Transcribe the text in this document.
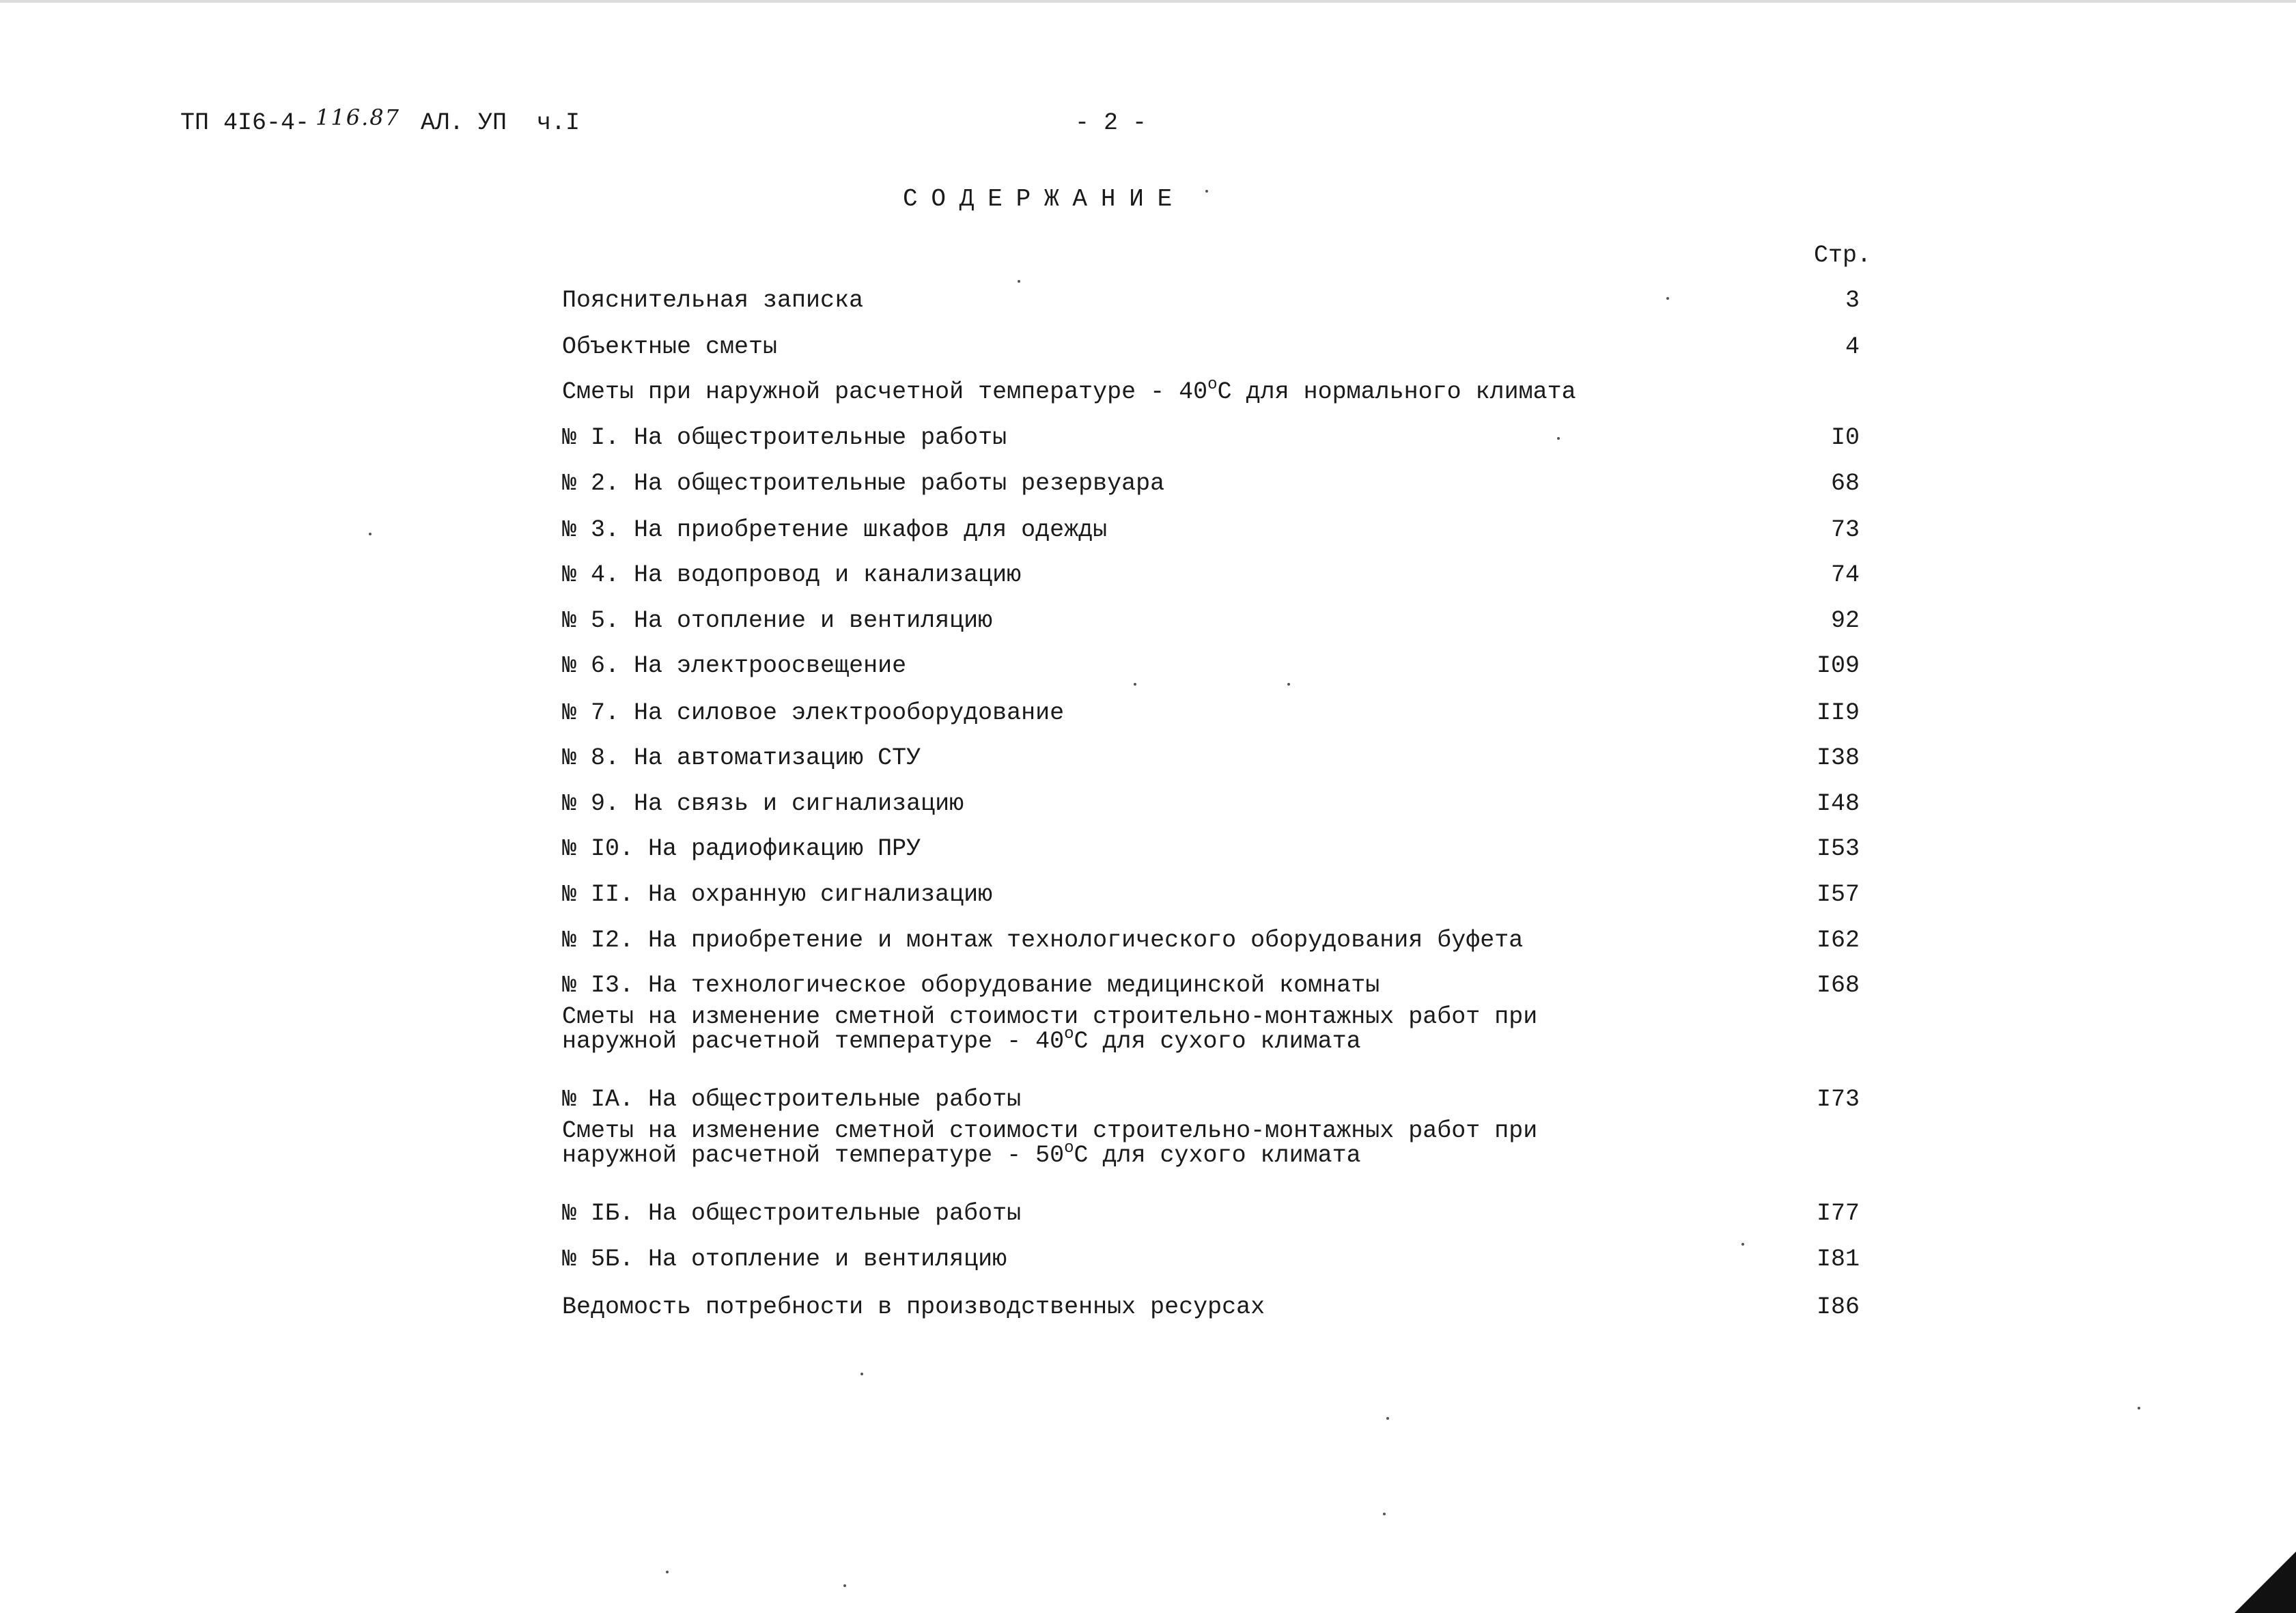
ТП 4I6-4- 116.87 АЛ. УП ч.I	- 2 -
СОДЕРЖАНИЕ
Стр.
Пояснительная записка	3
Объектные сметы	4
Сметы при наружной расчетной температуре - $40^оС$ для нормального климата
№ I. На общестроительные работы	I0
№ 2. На общестроительные работы резервуара	68
№ 3. На приобретение шкафов для одежды	73
№ 4. На водопровод и канализацию	74
№ 5. На отопление и вентиляцию	92
№ 6. На электроосвещение	I09
№ 7. На силовое электрооборудование	II9
№ 8. На автоматизацию СТУ	I38
№ 9. На связь и сигнализацию	I48
№ I0. На радиофикацию ПРУ	I53
№ II. На охранную сигнализацию	I57
№ I2. На приобретение и монтаж технологического оборудования буфета	I62
№ I3. На технологическое оборудование медицинской комнаты	I68
Сметы на изменение сметной стоимости строительно-монтажных работ при
наружной расчетной температуре - $40^оС$ для сухого климата
№ IА. На общестроительные работы	I73
Сметы на изменение сметной стоимости строительно-монтажных работ при
наружной расчетной температуре - $50^оС$ для сухого климата
№ IБ. На общестроительные работы	I77
№ 5Б. На отопление и вентиляцию	I81
Ведомость потребности в производственных ресурсах	I86
